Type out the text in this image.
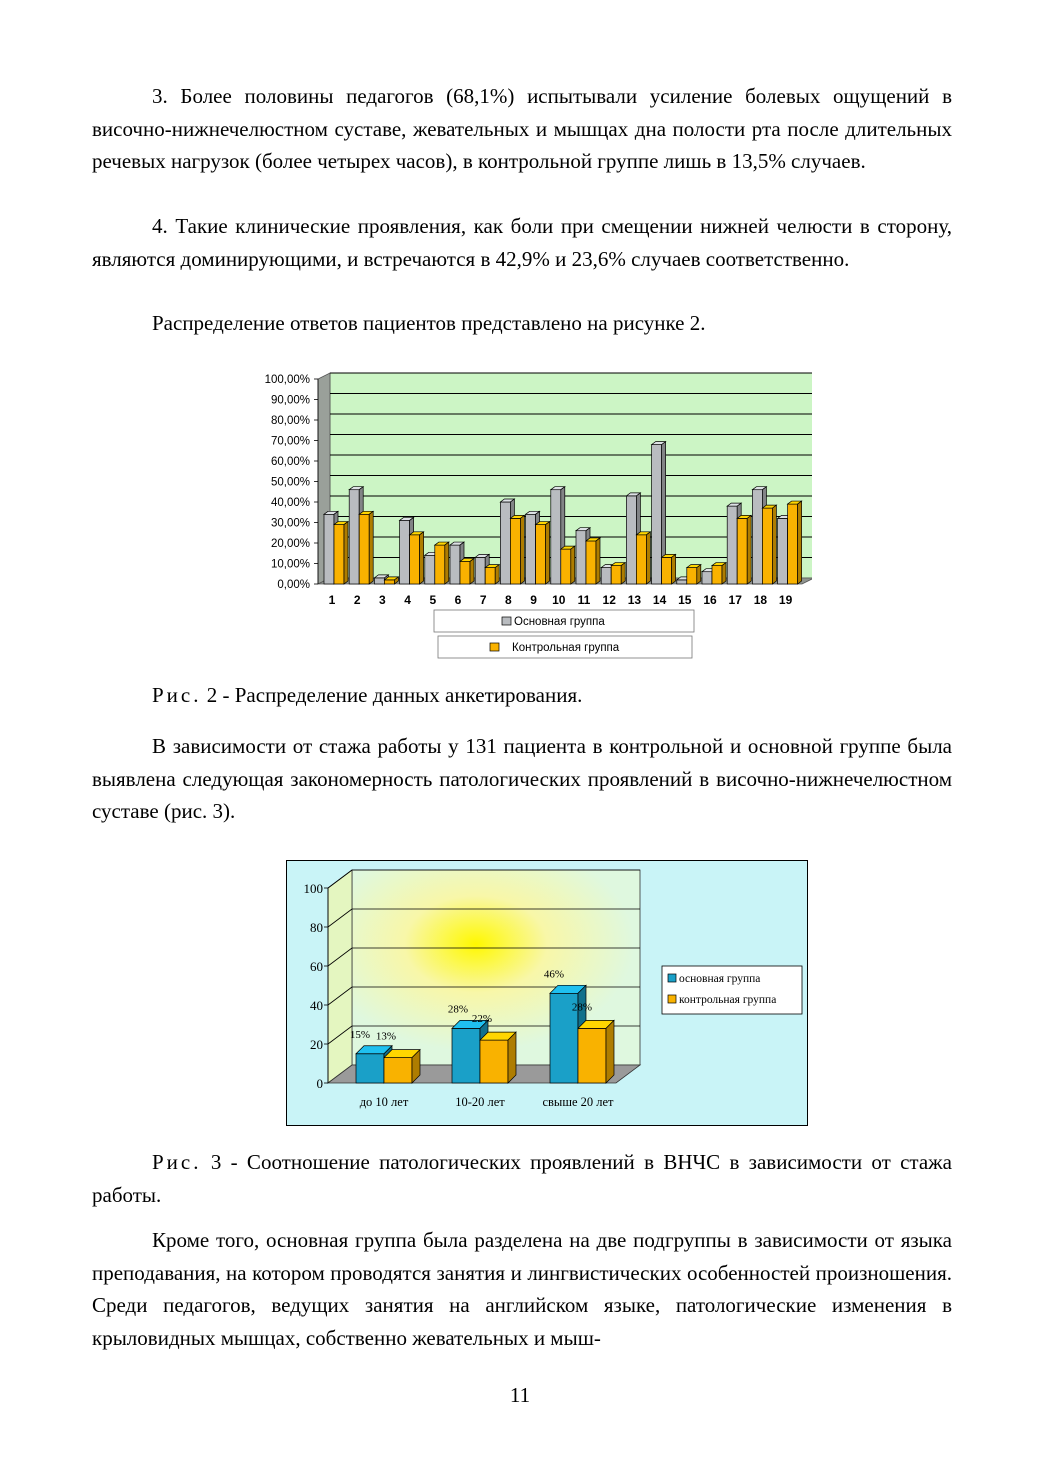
3. Более половины педагогов (68,1%) испытывали усиление болевых ощущений в височно-нижнечелюстном суставе, жевательных и мышцах дна полости рта после длительных речевых нагрузок (более четырех часов), в контрольной группе лишь в 13,5% случаев.

4. Такие клинические проявления, как боли при смещении нижней челюсти в сторону, являются доминирующими, и встречаются в 42,9% и 23,6% случаев соответственно.

Распределение ответов пациентов представлено на рисунке 2.

0,00%
10,00%
20,00%
30,00%
40,00%
50,00%
60,00%
70,00%
80,00%
90,00%
100,00%
1 2 3 4 5 6 7 8 9 10 11 12 13 14 15 16 17 18 19
Основная группа
Контрольная группа

Рис. 2 - Распределение данных анкетирования.

В зависимости от стажа работы у 131 пациента в контрольной и основной группе была выявлена следующая закономерность патологических проявлений в височно-нижнечелюстном суставе (рис. 3).

15% 13%
28%
22%
46%
28%
0
20
40
60
80
100
до 10 лет	10-20 лет	свыше 20 лет
основная группа
контрольная группа

Рис. 3 - Соотношение патологических проявлений в ВНЧС в зависимости от стажа работы.

Кроме того, основная группа была разделена на две подгруппы в зависимости от языка преподавания, на котором проводятся занятия и лингвистических особенностей произношения. Среди педагогов, ведущих занятия на английском языке, патологические изменения в крыловидных мышцах, собственно жевательных и мыш-

11
